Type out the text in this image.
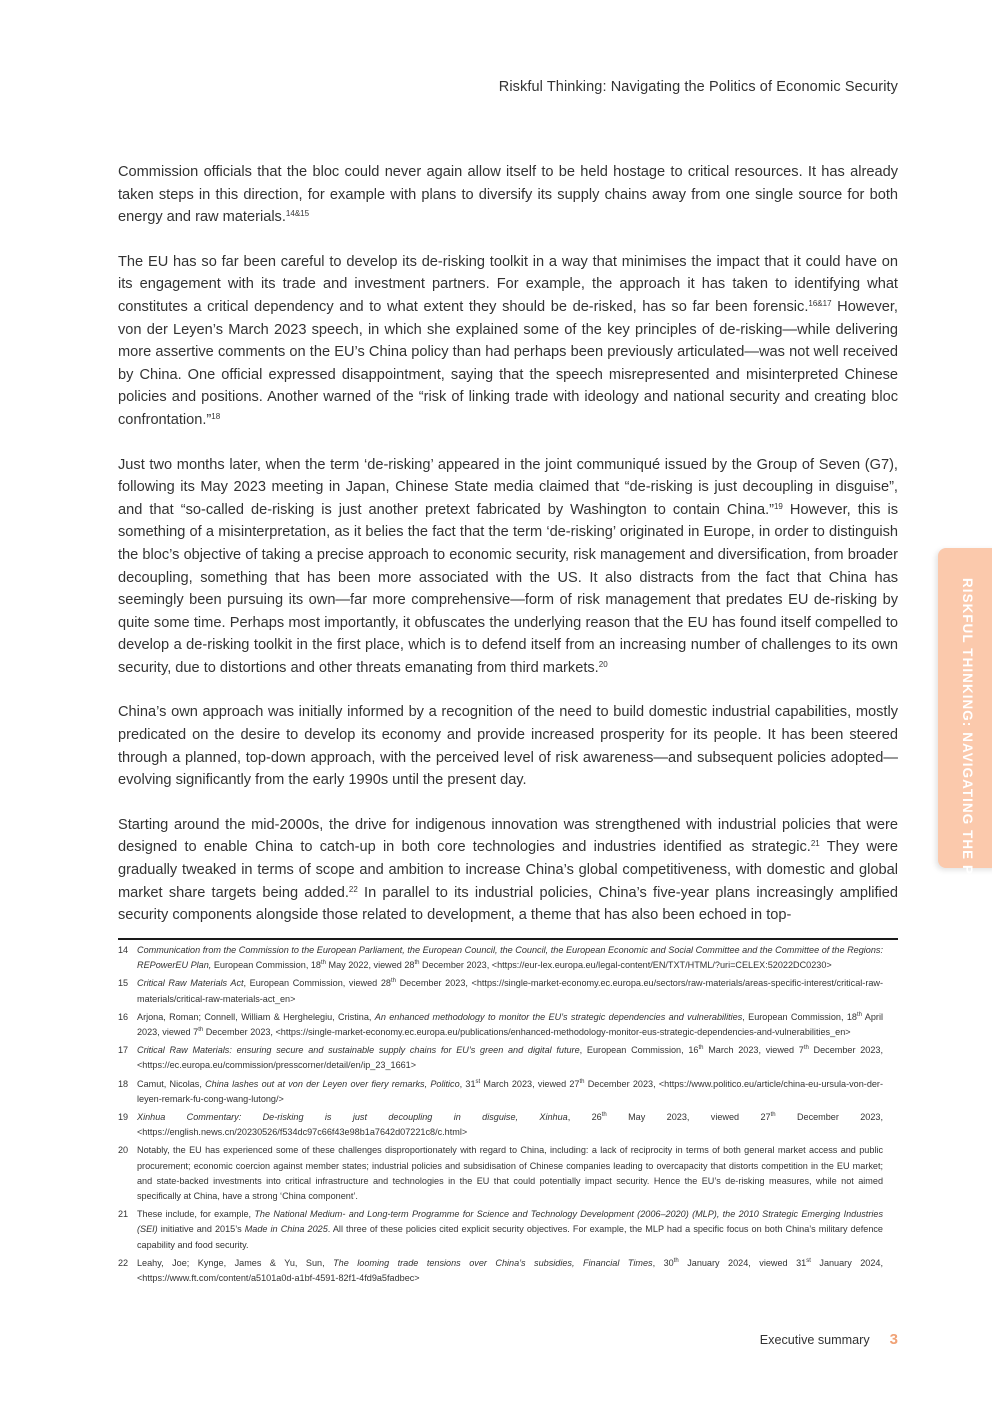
Riskful Thinking: Navigating the Politics of Economic Security

Commission officials that the bloc could never again allow itself to be held hostage to critical resources. It has already taken steps in this direction, for example with plans to diversify its supply chains away from one single source for both energy and raw materials.$^{14\&15}$

The EU has so far been careful to develop its de-risking toolkit in a way that minimises the impact that it could have on its engagement with its trade and investment partners. For example, the approach it has taken to identifying what constitutes a critical dependency and to what extent they should be de-risked, has so far been forensic.$^{16\&17}$ However, von der Leyen’s March 2023 speech, in which she explained some of the key principles of de-risking—while delivering more assertive comments on the EU’s China policy than had perhaps been previously articulated—was not well received by China. One official expressed disappointment, saying that the speech misrepresented and misinterpreted Chinese policies and positions. Another warned of the “risk of linking trade with ideology and national security and creating bloc confrontation.”$^{18}$

Just two months later, when the term ‘de-risking’ appeared in the joint communiqué issued by the Group of Seven (G7), following its May 2023 meeting in Japan, Chinese State media claimed that “de-risking is just decoupling in disguise”, and that “so-called de-risking is just another pretext fabricated by Washington to contain China.”$^{19}$ However, this is something of a misinterpretation, as it belies the fact that the term ‘de-risking’ originated in Europe, in order to distinguish the bloc’s objective of taking a precise approach to economic security, risk management and diversification, from broader decoupling, something that has been more associated with the US. It also distracts from the fact that China has seemingly been pursuing its own—far more comprehensive—form of risk management that predates EU de-risking by quite some time. Perhaps most importantly, it obfuscates the underlying reason that the EU has found itself compelled to develop a de-risking toolkit in the first place, which is to defend itself from an increasing number of challenges to its own security, due to distortions and other threats emanating from third markets.$^{20}$

China’s own approach was initially informed by a recognition of the need to build domestic industrial capabilities, mostly predicated on the desire to develop its economy and provide increased prosperity for its people. It has been steered through a planned, top-down approach, with the perceived level of risk awareness—and subsequent policies adopted—evolving significantly from the early 1990s until the present day.

Starting around the mid-2000s, the drive for indigenous innovation was strengthened with industrial policies that were designed to enable China to catch-up in both core technologies and industries identified as strategic.$^{21}$ They were gradually tweaked in terms of scope and ambition to increase China’s global competitiveness, with domestic and global market share targets being added.$^{22}$ In parallel to its industrial policies, China’s five-year plans increasingly amplified security components alongside those related to development, a theme that has also been echoed in top-

14 Communication from the Commission to the European Parliament, the European Council, the Council, the European Economic and Social Committee and the Committee of the Regions: REPowerEU Plan, European Commission, 18th May 2022, viewed 28th December 2023, <https://eur-lex.europa.eu/legal-content/EN/TXT/HTML/?uri=CELEX:52022DC0230>
15 Critical Raw Materials Act, European Commission, viewed 28th December 2023, <https://single-market-economy.ec.europa.eu/sectors/raw-materials/areas-specific-interest/critical-raw-materials/critical-raw-materials-act_en>
16 Arjona, Roman; Connell, William & Herghelegiu, Cristina, An enhanced methodology to monitor the EU’s strategic dependencies and vulnerabilities, European Commission, 18th April 2023, viewed 7th December 2023, <https://single-market-economy.ec.europa.eu/publications/enhanced-methodology-monitor-eus-strategic-dependencies-and-vulnerabilities_en>
17 Critical Raw Materials: ensuring secure and sustainable supply chains for EU’s green and digital future, European Commission, 16th March 2023, viewed 7th December 2023, <https://ec.europa.eu/commission/presscorner/detail/en/ip_23_1661>
18 Camut, Nicolas, China lashes out at von der Leyen over fiery remarks, Politico, 31st March 2023, viewed 27th December 2023, <https://www.politico.eu/article/china-eu-ursula-von-der-leyen-remark-fu-cong-wang-lutong/>
19 Xinhua Commentary: De-risking is just decoupling in disguise, Xinhua, 26th May 2023, viewed 27th December 2023, <https://english.news.cn/20230526/f534dc97c66f43e98b1a7642d07221c8/c.html>
20 Notably, the EU has experienced some of these challenges disproportionately with regard to China, including: a lack of reciprocity in terms of both general market access and public procurement; economic coercion against member states; industrial policies and subsidisation of Chinese companies leading to overcapacity that distorts competition in the EU market; and state-backed investments into critical infrastructure and technologies in the EU that could potentially impact security. Hence the EU’s de-risking measures, while not aimed specifically at China, have a strong ‘China component’.
21 These include, for example, The National Medium- and Long-term Programme for Science and Technology Development (2006–2020) (MLP), the 2010 Strategic Emerging Industries (SEI) initiative and 2015’s Made in China 2025. All three of these policies cited explicit security objectives. For example, the MLP had a specific focus on both China’s military defence capability and food security.
22 Leahy, Joe; Kynge, James & Yu, Sun, The looming trade tensions over China’s subsidies, Financial Times, 30th January 2024, viewed 31st January 2024, <https://www.ft.com/content/a5101a0d-a1bf-4591-82f1-4fd9a5fadbec>
RISKFUL THINKING: NAVIGATING THE POLITICS OF ECONOMIC SECURITY
Executive summary 3
